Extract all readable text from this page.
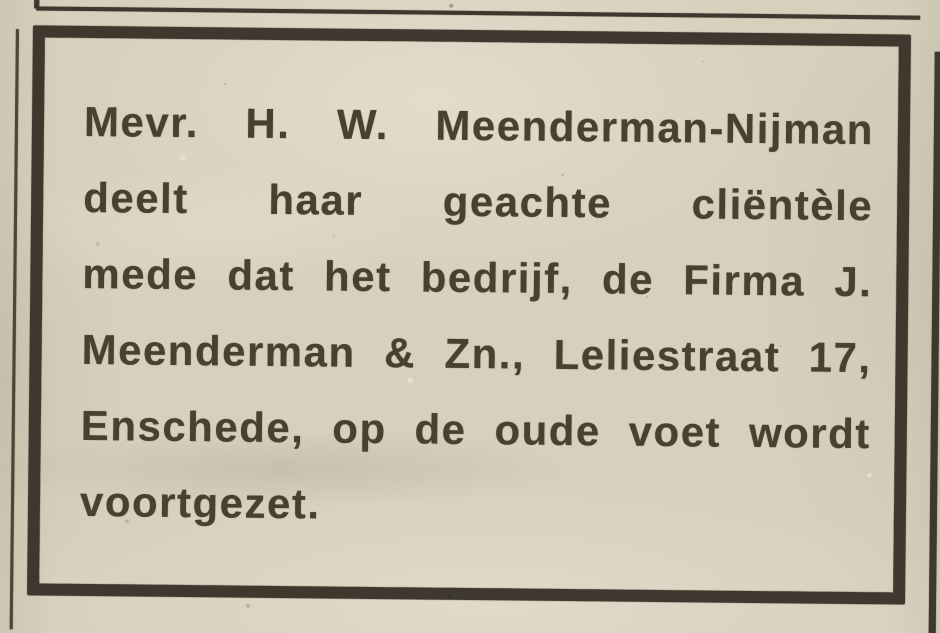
Mevr. H. W. Meenderman-Nijman
deelt haar geachte cliëntèle
mede dat het bedrijf, de Firma J.
Meenderman & Zn., Leliestraat 17,
Enschede, op de oude voet wordt
voortgezet.
